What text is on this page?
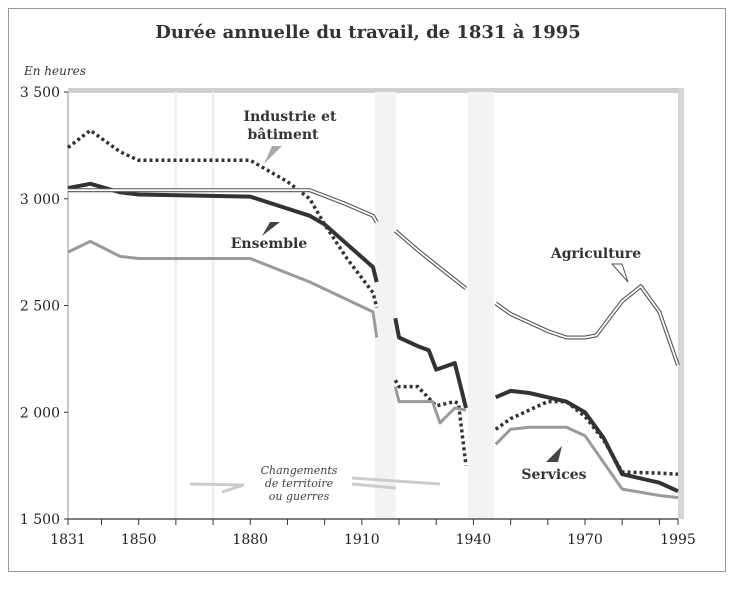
Durée annuelle du travail, de 1831 à 1995
En heures
1 500
2 000
2 500
3 000
3 500
1831	1850	1880	1910	1940	1970	1995
Industrie et
bâtiment
Ensemble
Agriculture
Services
Changements
de territoire
ou guerres
